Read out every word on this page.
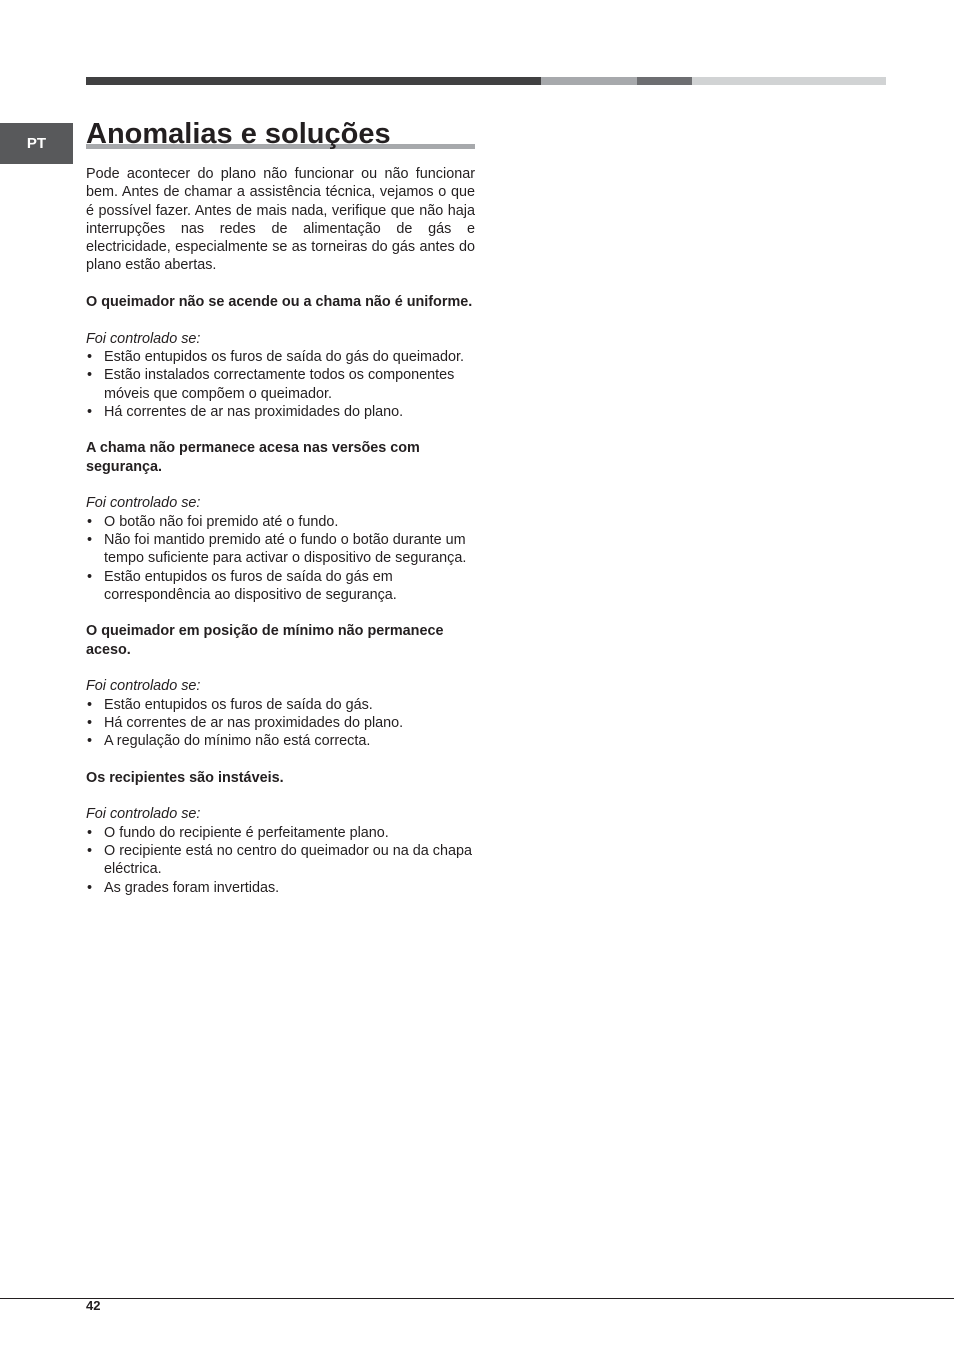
PT	Anomalias e soluções

Pode acontecer do plano não funcionar ou não funcionar bem. Antes de chamar a assistência técnica, vejamos o que é possível fazer. Antes de mais nada, verifique que não haja interrupções nas redes de alimentação de gás e electricidade, especialmente se as torneiras do gás antes do plano estão abertas.

O queimador não se acende ou a chama não é uniforme.

Foi controlado se:

• Estão entupidos os furos de saída do gás do queimador.
• Estão instalados correctamente todos os componentes móveis que compõem o queimador.
• Há correntes de ar nas proximidades do plano.

A chama não permanece acesa nas versões com segurança.

Foi controlado se:

• O botão não foi premido até o fundo.
• Não foi mantido premido até o fundo o botão durante um tempo suficiente para activar o dispositivo de segurança.
• Estão entupidos os furos de saída do gás em correspondência ao dispositivo de segurança.

O queimador em posição de mínimo não permanece aceso.

Foi controlado se:

• Estão entupidos os furos de saída do gás.
• Há correntes de ar nas proximidades do plano.
• A regulação do mínimo não está correcta.

Os recipientes são instáveis.

Foi controlado se:

• O fundo do recipiente é perfeitamente plano.
• O recipiente está no centro do queimador ou na da chapa eléctrica.
• As grades foram invertidas.
42
